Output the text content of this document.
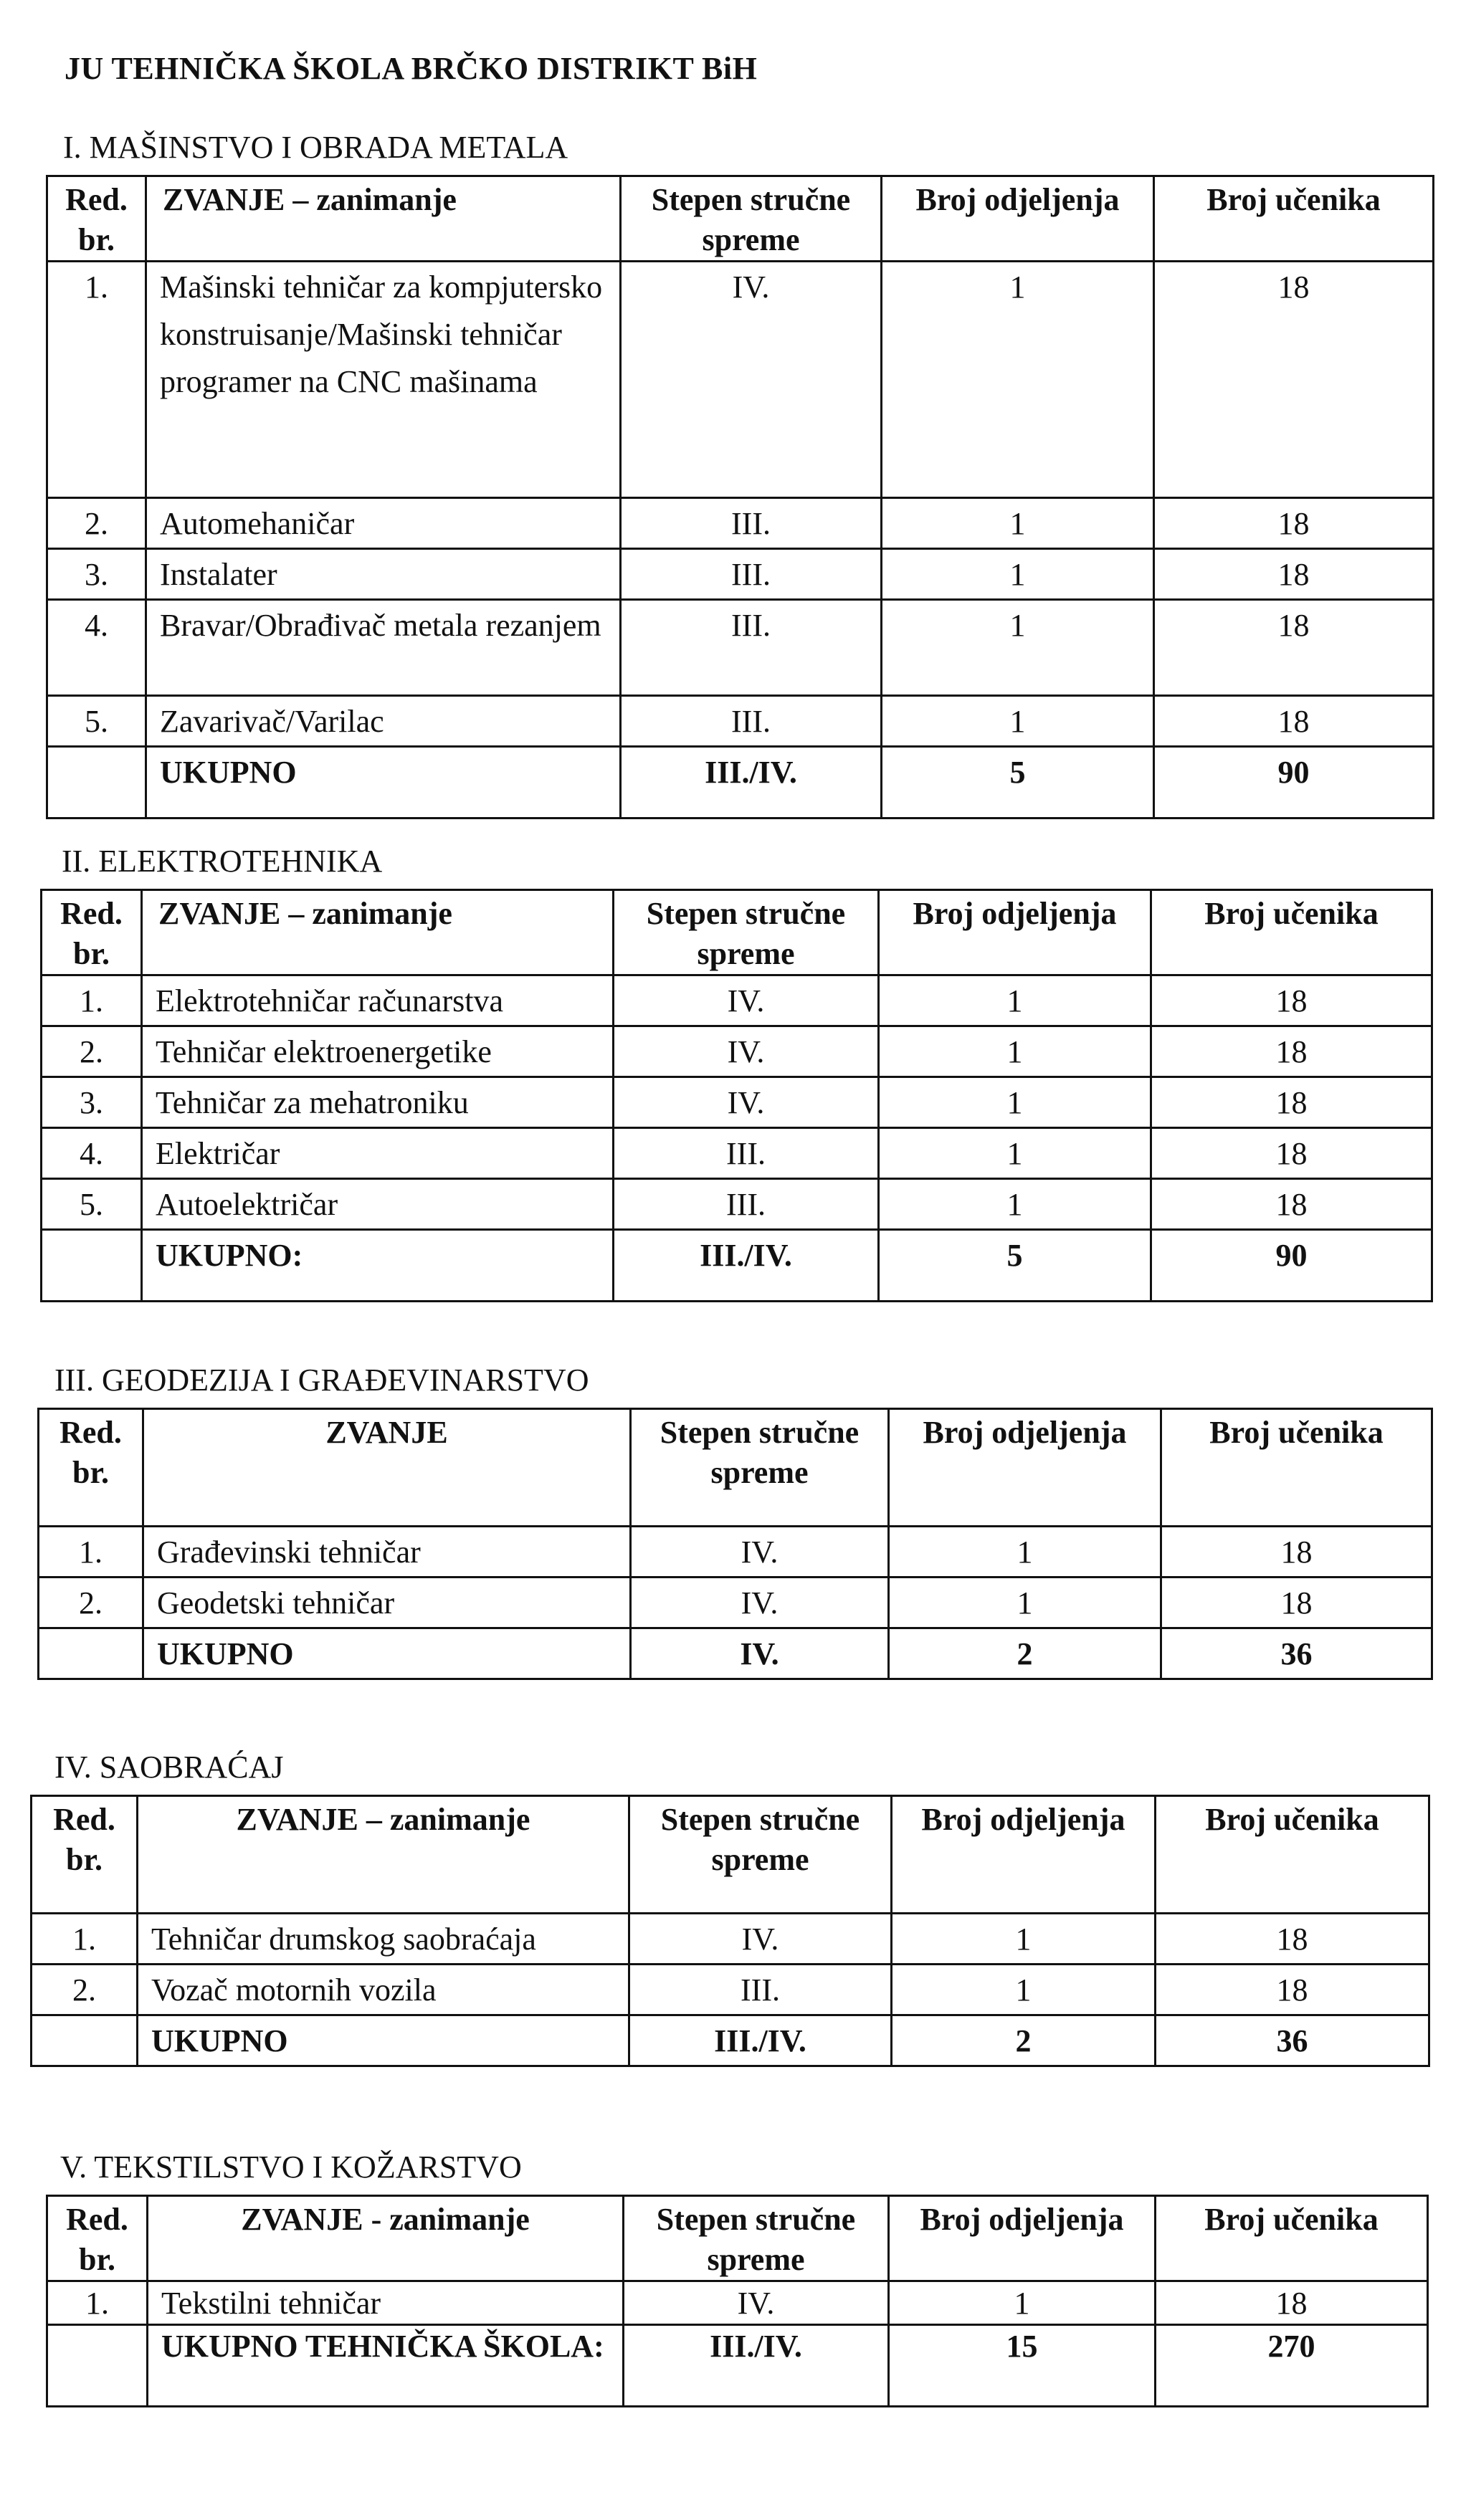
JU TEHNIČKA ŠKOLA BRČKO DISTRIKT BiH
I. MAŠINSTVO I OBRADA METALA
Red. br.	ZVANJE – zanimanje	Stepen stručne spreme	Broj odjeljenja	Broj učenika
1.	Mašinski tehničar za kompjutersko konstruisanje/Mašinski tehničar programer na CNC mašinama	IV.	1	18
2.	Automehaničar	III.	1	18
3.	Instalater	III.	1	18
4.	Bravar/Obrađivač metala rezanjem	III.	1	18
5.	Zavarivač/Varilac	III.	1	18
	UKUPNO	III./IV.	5	90
II. ELEKTROTEHNIKA
Red. br.	ZVANJE – zanimanje	Stepen stručne spreme	Broj odjeljenja	Broj učenika
1.	Elektrotehničar računarstva	IV.	1	18
2.	Tehničar elektroenergetike	IV.	1	18
3.	Tehničar za mehatroniku	IV.	1	18
4.	Električar	III.	1	18
5.	Autoelektričar	III.	1	18
	UKUPNO:	III./IV.	5	90
III. GEODEZIJA I GRAĐEVINARSTVO
Red. br.	ZVANJE	Stepen stručne spreme	Broj odjeljenja	Broj učenika
1.	Građevinski tehničar	IV.	1	18
2.	Geodetski tehničar	IV.	1	18
	UKUPNO	IV.	2	36
IV. SAOBRAĆAJ
Red. br.	ZVANJE – zanimanje	Stepen stručne spreme	Broj odjeljenja	Broj učenika
1.	Tehničar drumskog saobraćaja	IV.	1	18
2.	Vozač motornih vozila	III.	1	18
	UKUPNO	III./IV.	2	36
V. TEKSTILSTVO I KOŽARSTVO
Red. br.	ZVANJE - zanimanje	Stepen stručne spreme	Broj odjeljenja	Broj učenika
1.	Tekstilni tehničar	IV.	1	18
	UKUPNO TEHNIČKA ŠKOLA:	III./IV.	15	270
